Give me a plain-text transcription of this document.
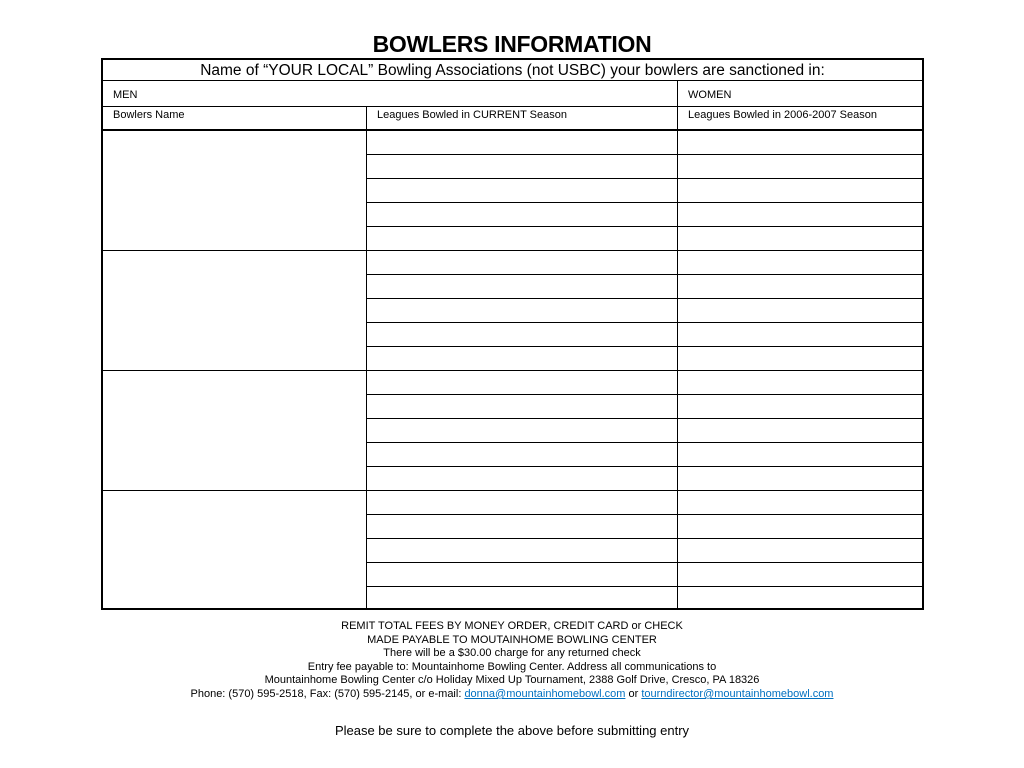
BOWLERS INFORMATION
Name of “YOUR LOCAL” Bowling Associations (not USBC) your bowlers are sanctioned in:
MEN	WOMEN
Bowlers Name	Leagues Bowled in CURRENT Season	Leagues Bowled in 2006-2007 Season
REMIT TOTAL FEES BY MONEY ORDER, CREDIT CARD or CHECK
MADE PAYABLE TO MOUTAINHOME BOWLING CENTER
There will be a $30.00 charge for any returned check
Entry fee payable to: Mountainhome Bowling Center. Address all communications to
Mountainhome Bowling Center c/o Holiday Mixed Up Tournament, 2388 Golf Drive, Cresco, PA 18326
Phone: (570) 595-2518, Fax: (570) 595-2145, or e-mail: donna@mountainhomebowl.com or tourndirector@mountainhomebowl.com
Please be sure to complete the above before submitting entry
